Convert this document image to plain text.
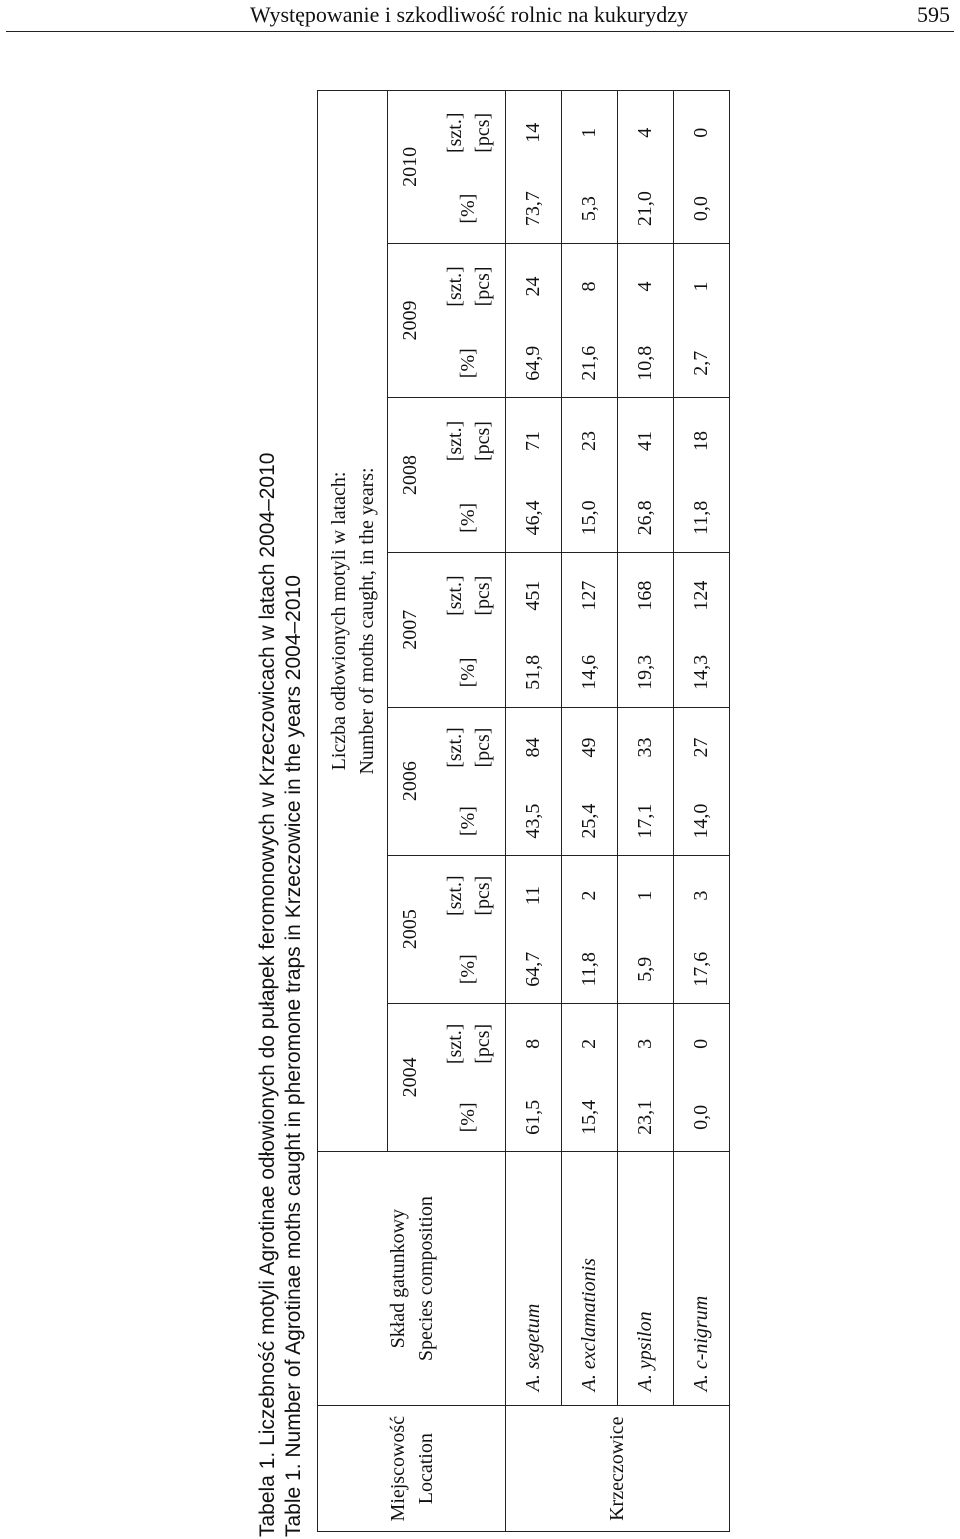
Występowanie i szkodliwość rolnic na kukurydzy	595
Tabela 1. Liczebność motyli Agrotinae odłowionych do pułapek feromonowych w Krzeczowicach w latach 2004–2010 Table 1. Number of Agrotinae moths caught in pheromone traps in Krzeczowice in the years 2004–2010	Miejscowość Location	Skład gatunkowy Species composition	Liczba odłowionych motyli w latach: Number of moths caught, in the years:													

		2004		2005		2006		2007		2008		2009		2010	
		[%]	[szt.] [pcs]	[%]	[szt.] [pcs]	[%]	[szt.] [pcs]	[%]	[szt.] [pcs]	[%]	[szt.] [pcs]	[%]	[szt.] [pcs]	[%]	[szt.] [pcs]

Krzeczowice	A. segetum	61,5	8	64,7	11	43,5	84	51,8	451	46,4	71	64,9	24	73,7	14
	A. exclamationis	15,4	2	11,8	2	25,4	49	14,6	127	15,0	23	21,6	8	5,3	1
	A. ypsilon	23,1	3	5,9	1	17,1	33	19,3	168	26,8	41	10,8	4	21,0	4
	A. c-nigrum	0,0	0	17,6	3	14,0	27	14,3	124	11,8	18	2,7	1	0,0	0
